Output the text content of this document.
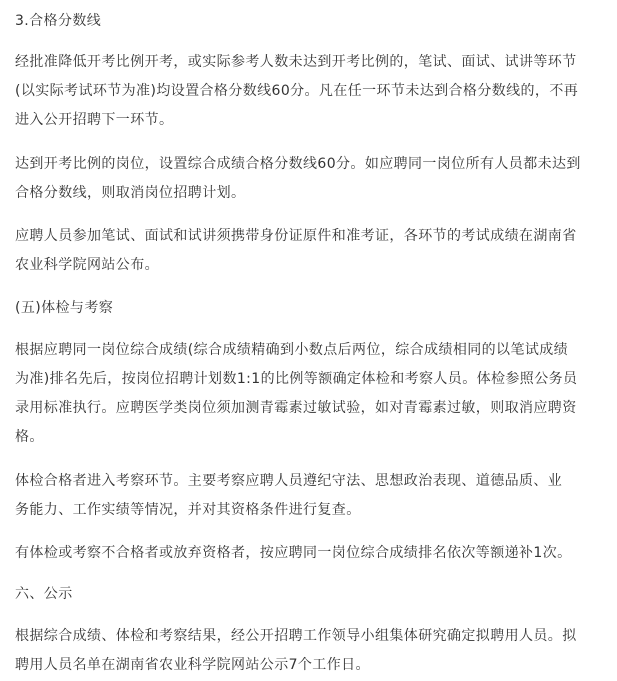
3.合格分数线

经批准降低开考比例开考，或实际参考人数未达到开考比例的，笔试、面试、试讲等环节
(以实际考试环节为准)均设置合格分数线60分。凡在任一环节未达到合格分数线的，不再
进入公开招聘下一环节。

达到开考比例的岗位，设置综合成绩合格分数线60分。如应聘同一岗位所有人员都未达到
合格分数线，则取消岗位招聘计划。

应聘人员参加笔试、面试和试讲须携带身份证原件和准考证，各环节的考试成绩在湖南省
农业科学院网站公布。

(五)体检与考察

根据应聘同一岗位综合成绩(综合成绩精确到小数点后两位，综合成绩相同的以笔试成绩
为准)排名先后，按岗位招聘计划数1:1的比例等额确定体检和考察人员。体检参照公务员
录用标准执行。应聘医学类岗位须加测青霉素过敏试验，如对青霉素过敏，则取消应聘资
格。

体检合格者进入考察环节。主要考察应聘人员遵纪守法、思想政治表现、道德品质、业
务能力、工作实绩等情况，并对其资格条件进行复查。

有体检或考察不合格者或放弃资格者，按应聘同一岗位综合成绩排名依次等额递补1次。

六、公示

根据综合成绩、体检和考察结果，经公开招聘工作领导小组集体研究确定拟聘用人员。拟
聘用人员名单在湖南省农业科学院网站公示7个工作日。
